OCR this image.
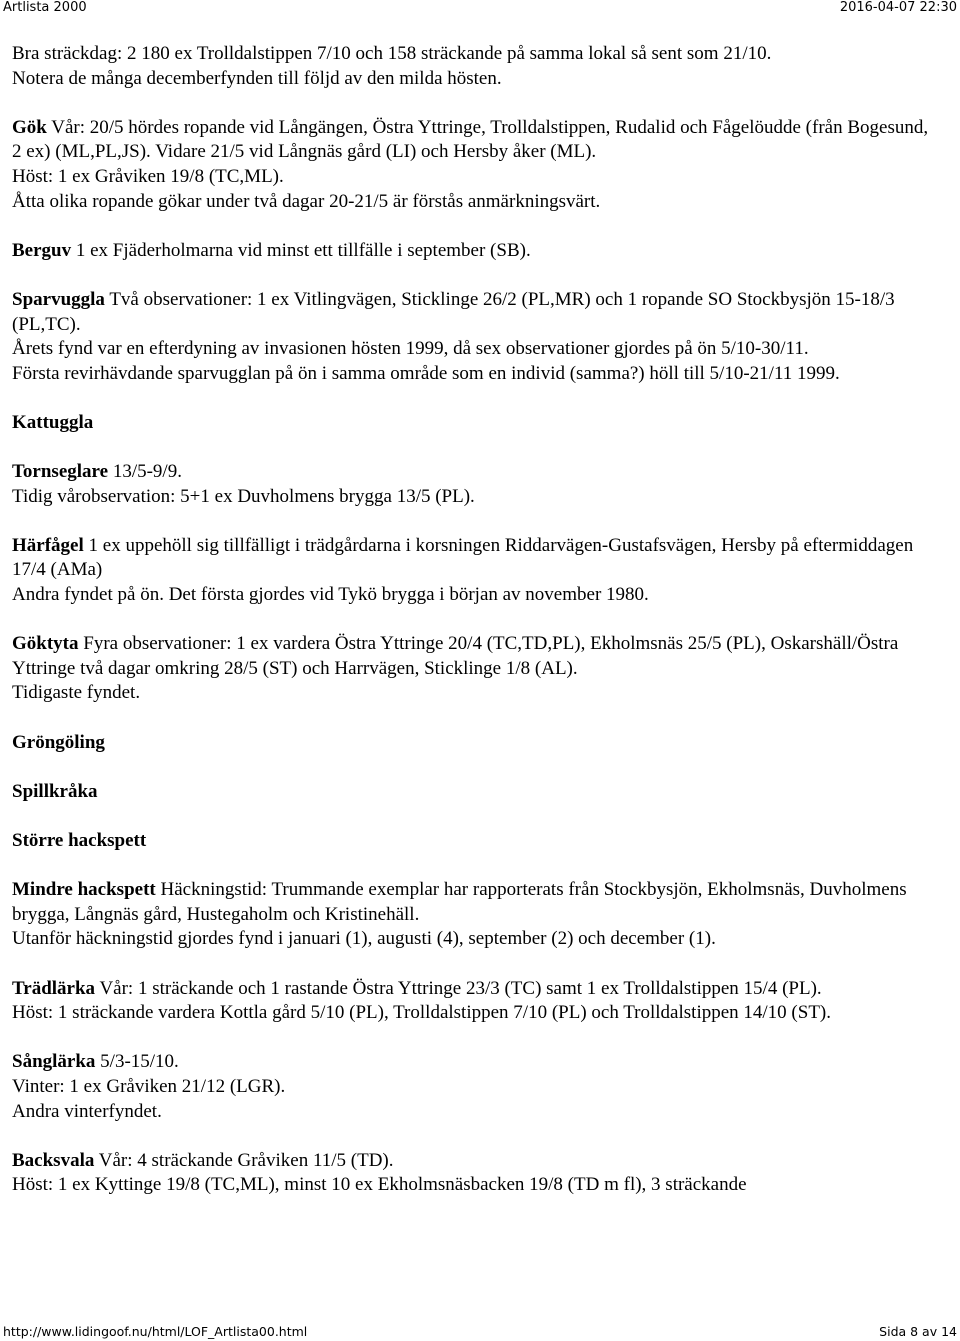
Artlista 2000	2016-04-07 22:30
Bra sträckdag: 2 180 ex Trolldalstippen 7/10 och 158 sträckande på samma lokal så sent som 21/10.
Notera de många decemberfynden till följd av den milda hösten.
Gök Vår: 20/5 hördes ropande vid Långängen, Östra Yttringe, Trolldalstippen, Rudalid och Fågelöudde (från Bogesund, 2 ex) (ML,PL,JS). Vidare 21/5 vid Långnäs gård (LI) och Hersby åker (ML).
Höst: 1 ex Gråviken 19/8 (TC,ML).
Åtta olika ropande gökar under två dagar 20-21/5 är förstås anmärkningsvärt.
Berguv 1 ex Fjäderholmarna vid minst ett tillfälle i september (SB).
Sparvuggla Två observationer: 1 ex Vitlingvägen, Sticklinge 26/2 (PL,MR) och 1 ropande SO Stockbysjön 15-18/3 (PL,TC).
Årets fynd var en efterdyning av invasionen hösten 1999, då sex observationer gjordes på ön 5/10-30/11.
Första revirhävdande sparvugglan på ön i samma område som en individ (samma?) höll till 5/10-21/11 1999.
Kattuggla
Tornseglare 13/5-9/9.
Tidig vårobservation: 5+1 ex Duvholmens brygga 13/5 (PL).
Härfågel 1 ex uppehöll sig tillfälligt i trädgårdarna i korsningen Riddarvägen-Gustafsvägen, Hersby på eftermiddagen 17/4 (AMa)
Andra fyndet på ön. Det första gjordes vid Tykö brygga i början av november 1980.
Göktyta Fyra observationer: 1 ex vardera Östra Yttringe 20/4 (TC,TD,PL), Ekholmsnäs 25/5 (PL), Oskarshäll/Östra Yttringe två dagar omkring 28/5 (ST) och Harrvägen, Sticklinge 1/8 (AL).
Tidigaste fyndet.
Gröngöling
Spillkråka
Större hackspett
Mindre hackspett Häckningstid: Trummande exemplar har rapporterats från Stockbysjön, Ekholmsnäs, Duvholmens brygga, Långnäs gård, Hustegaholm och Kristinehäll.
Utanför häckningstid gjordes fynd i januari (1), augusti (4), september (2) och december (1).
Trädlärka Vår: 1 sträckande och 1 rastande Östra Yttringe 23/3 (TC) samt 1 ex Trolldalstippen 15/4 (PL).
Höst: 1 sträckande vardera Kottla gård 5/10 (PL), Trolldalstippen 7/10 (PL) och Trolldalstippen 14/10 (ST).
Sånglärka 5/3-15/10.
Vinter: 1 ex Gråviken 21/12 (LGR).
Andra vinterfyndet.
Backsvala Vår: 4 sträckande Gråviken 11/5 (TD).
Höst: 1 ex Kyttinge 19/8 (TC,ML), minst 10 ex Ekholmsnäsbacken 19/8 (TD m fl), 3 sträckande
http://www.lidingoof.nu/html/LOF_Artlista00.html	Sida 8 av 14
